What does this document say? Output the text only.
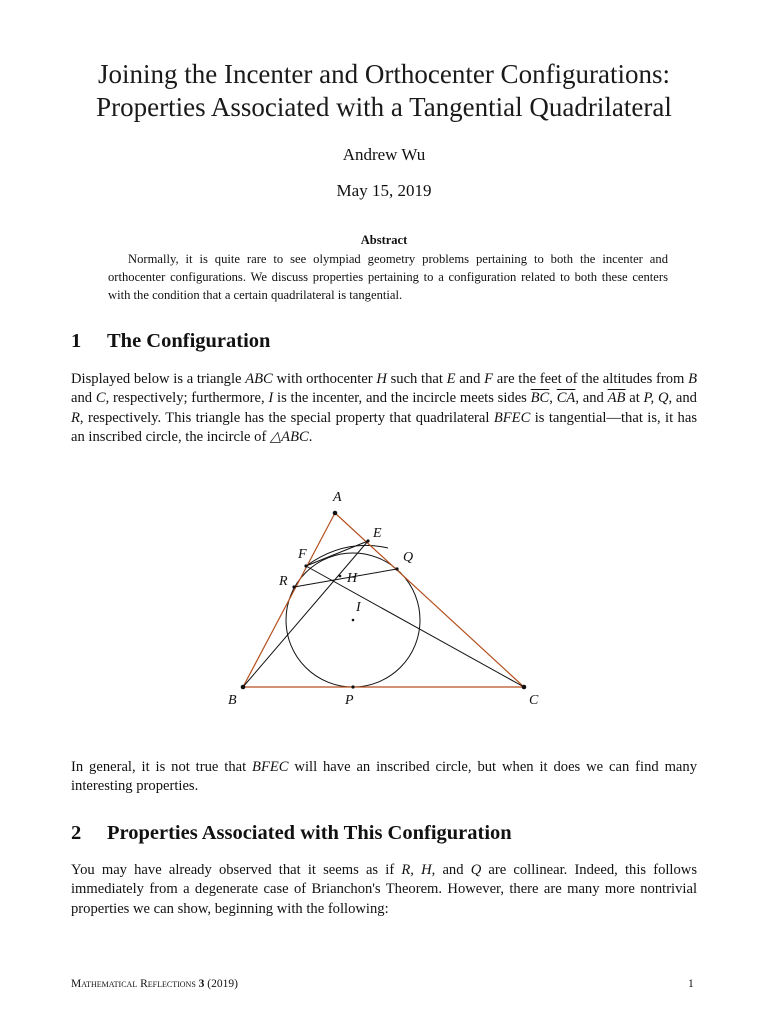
Joining the Incenter and Orthocenter Configurations:
Properties Associated with a Tangential Quadrilateral
Andrew Wu
May 15, 2019
Abstract
Normally, it is quite rare to see olympiad geometry problems pertaining to both the incenter and orthocenter configurations. We discuss properties pertaining to a configuration related to both these centers with the condition that a certain quadrilateral is tangential.
1 The Configuration
Displayed below is a triangle ABC with orthocenter H such that E and F are the feet of the altitudes from B and C, respectively; furthermore, I is the incenter, and the incircle meets sides $\overline{BC}$, $\overline{CA}$, and $\overline{AB}$ at P, Q, and R, respectively. This triangle has the special property that quadrilateral BFEC is tangential—that is, it has an inscribed circle, the incircle of △ABC.
A
B	C
E
F	Q
R	H
I
P
In general, it is not true that BFEC will have an inscribed circle, but when it does we can find many interesting properties.
2 Properties Associated with This Configuration
You may have already observed that it seems as if R, H, and Q are collinear. Indeed, this follows immediately from a degenerate case of Brianchon's Theorem. However, there are many more nontrivial properties we can show, beginning with the following:
Mathematical Reflections 3 (2019)	1
